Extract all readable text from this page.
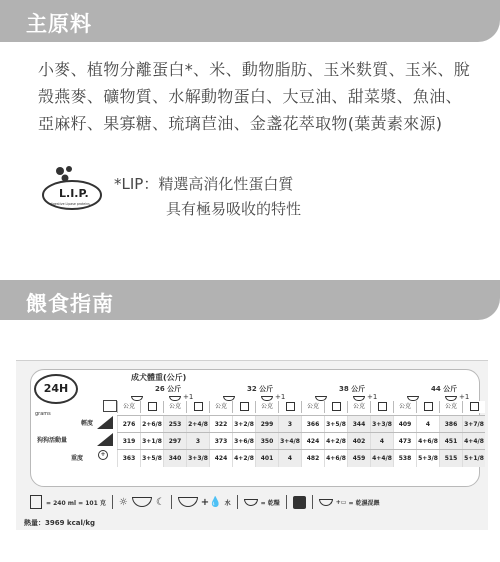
主原料

小麥、植物分離蛋白*、米、動物脂肪、玉米麩質、玉米、脫殼燕麥、礦物質、水解動物蛋白、大豆油、甜菜漿、魚油、亞麻籽、果寡糖、琉璃苣油、金盞花萃取物(葉黃素來源)

L.I.P.
digestive Lipase proteins
*LIP：精選高消化性蛋白質
具有極易吸收的特性
餵食指南
24H
grams
成犬體重(公斤)
26 公斤
+1
32 公斤
+1
38 公斤
+1
44 公斤
+1
公克	公克	公克	公克	公克	公克	公克	公克
輕度
狗狗活動量
重度
+
276	2+6/8	253	2+4/8	322	3+2/8	299	3	366	3+5/8	344	3+3/8	409	4	386	3+7/8
319	3+1/8	297	3	373	3+6/8	350	3+4/8	424	4+2/8	402	4	473	4+6/8	451	4+4/8
363	3+5/8	340	3+3/8	424	4+2/8	401	4	482	4+6/8	459	4+4/8	538	5+3/8	515	5+1/8
= 240 ml = 101 克 ☼	☾	+💧 水	= 乾糧	或	+▭ = 乾濕混餵
熱量：3969 kcal/kg
